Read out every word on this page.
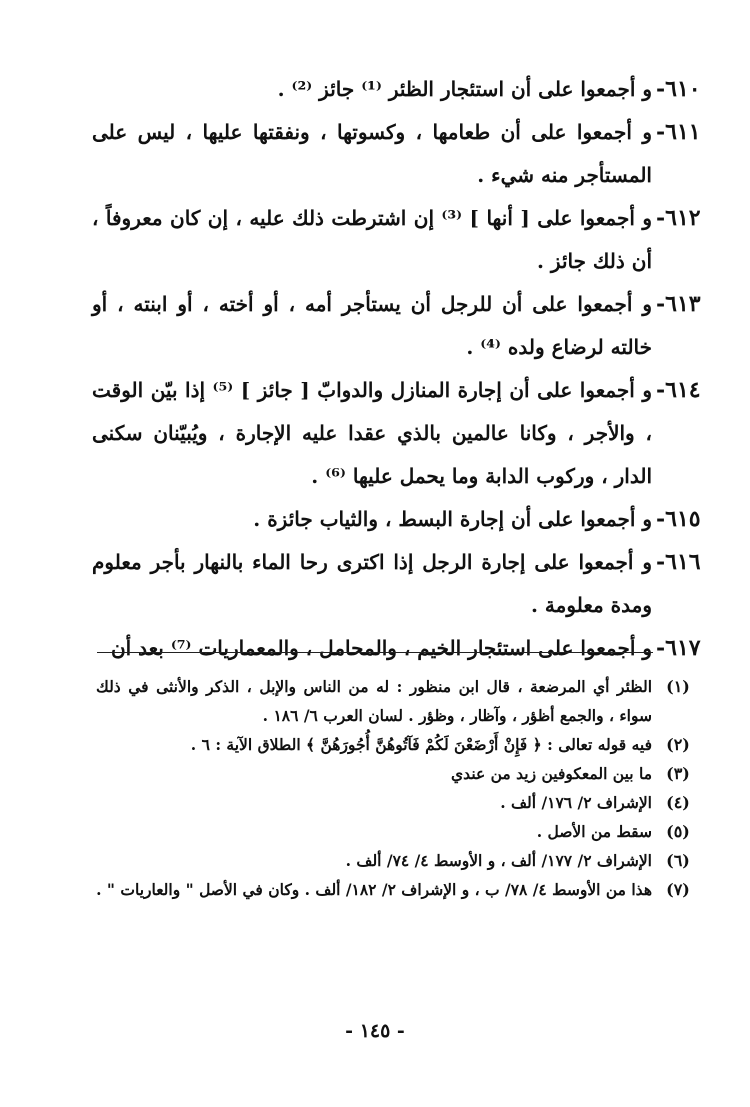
٦١٠-
و أجمعوا على أن استئجار الظئر ⁽¹⁾ جائز ⁽²⁾ .
٦١١-
و أجمعوا على أن طعامها ، وكسوتها ، ونفقتها عليها ، ليس على المستأجر منه شيء .
٦١٢-
و أجمعوا على [ أنها ] ⁽³⁾ إن اشترطت ذلك عليه ، إن كان معروفاً ، أن ذلك جائز .
٦١٣-
و أجمعوا على أن للرجل أن يستأجر أمه ، أو أخته ، أو ابنته ، أو خالته لرضاع ولده ⁽⁴⁾ .
٦١٤-
و أجمعوا على أن إجارة المنازل والدوابّ [ جائز ] ⁽⁵⁾ إذا بيّن الوقت ، والأجر ، وكانا عالمين بالذي عقدا عليه الإجارة ، ويُبيّنان سكنى الدار ، وركوب الدابة وما يحمل عليها ⁽⁶⁾ .
٦١٥-
و أجمعوا على أن إجارة البسط ، والثياب جائزة .
٦١٦-
و أجمعوا على إجارة الرجل إذا اكترى رحا الماء بالنهار بأجر معلوم ومدة معلومة .
٦١٧-
و أجمعوا على استئجار الخيم ، والمحامل ، والمعماريات ⁽⁷⁾ بعد أن
(١)
الظئر أي المرضعة ، قال ابن منظور : له من الناس والإبل ، الذكر والأنثى في ذلك سواء ، والجمع أظؤر ، وآظار ، وظؤر . لسان العرب ٦/ ١٨٦ .
(٢)
فيه قوله تعالى : ﴿ فَإِنْ أَرْضَعْنَ لَكُمْ فَآتُوهُنَّ أُجُورَهُنَّ ﴾ الطلاق الآية : ٦ .
(٣)
ما بين المعكوفين زيد من عندي
(٤)
الإشراف ٢/ ١٧٦/ ألف .
(٥)
سقط من الأصل .
(٦)
الإشراف ٢/ ١٧٧/ ألف ، و الأوسط ٤/ ٧٤/ ألف .
(٧)
هذا من الأوسط ٤/ ٧٨/ ب ، و الإشراف ٢/ ١٨٢/ ألف . وكان في الأصل " والعاريات " .
- ١٤٥ -
